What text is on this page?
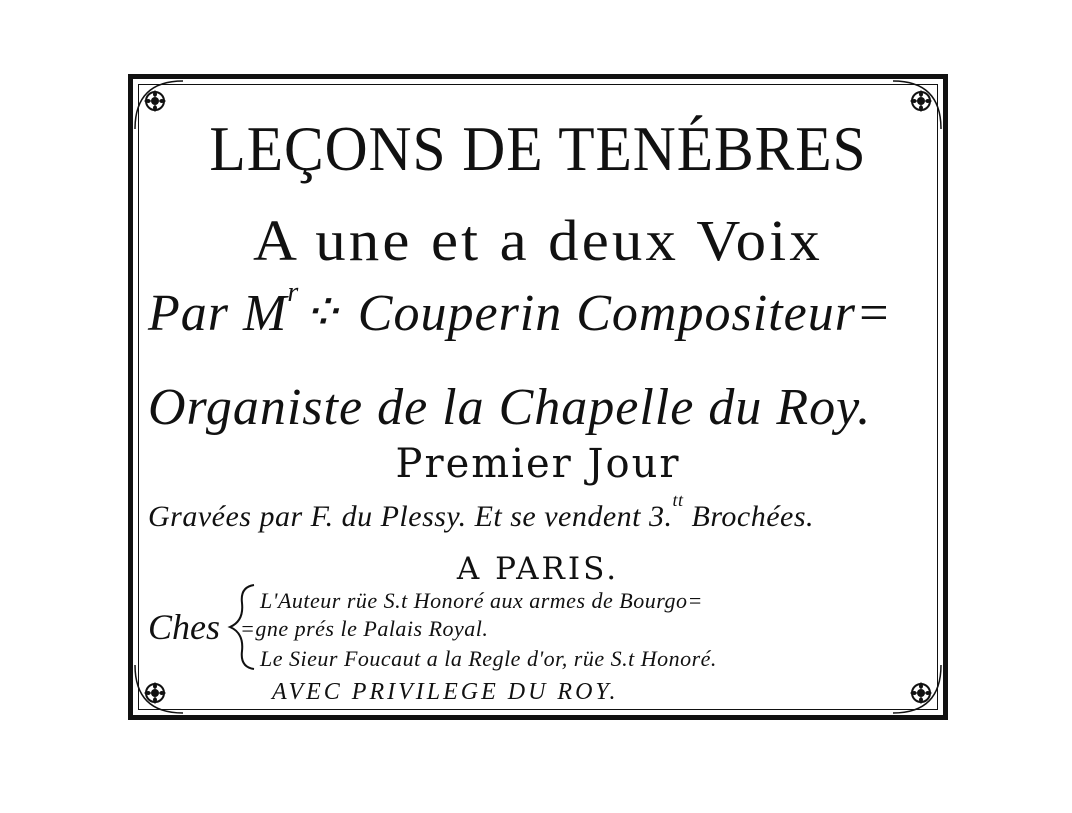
LEÇONS DE TENÉBRES
A une et a deux Voix
Par $M^r⁘$ Couperin Compositeur=
Organiste de la Chapelle du Roy.
Premier Jour
Gravées par F. du Plessy. Et se vendent 3.$^{tt}$ Brochées.
A PARIS.
Ches
L'Auteur rüe S.t Honoré aux armes de Bourgo=
=gne prés le Palais Royal.
Le Sieur Foucaut a la Regle d'or, rüe S.t Honoré.
AVEC PRIVILEGE DU ROY.
